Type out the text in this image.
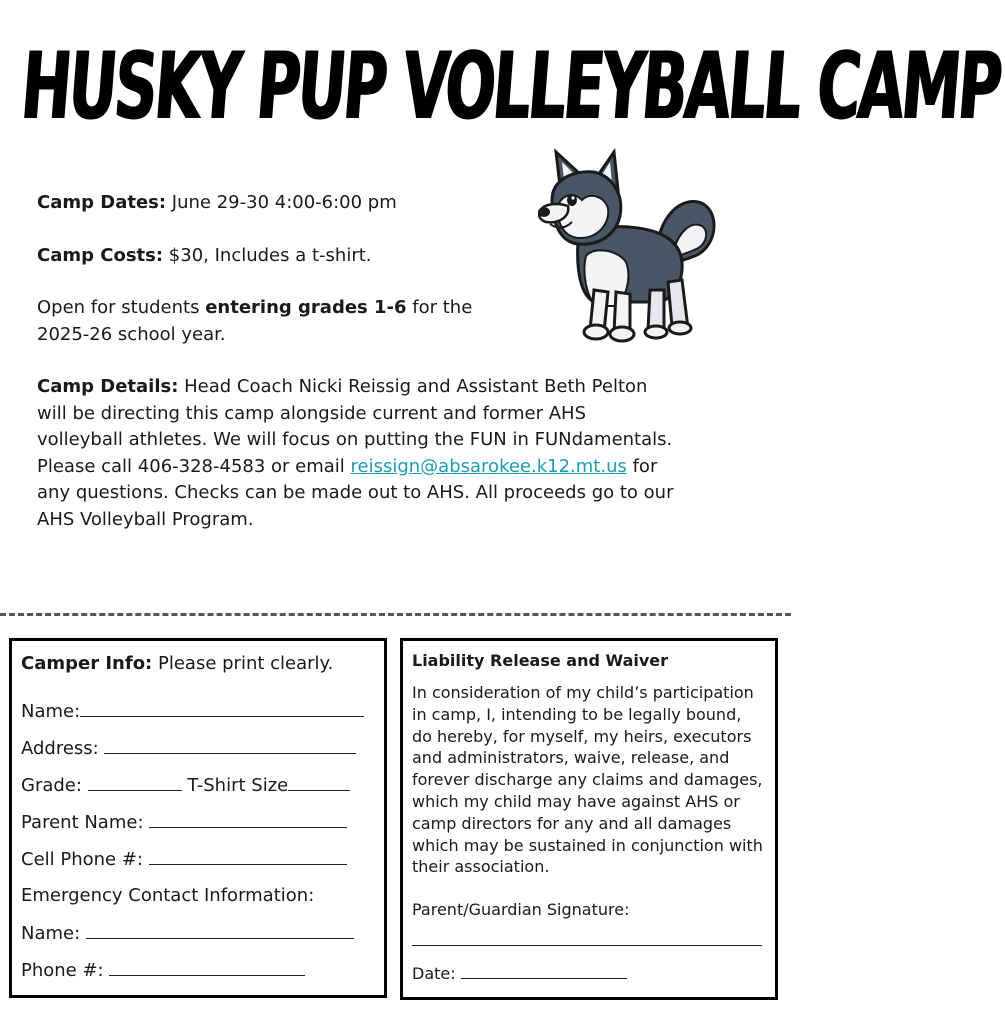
HUSKY PUP VOLLEYBALL CAMP

Camp Dates: June 29-30 4:00-6:00 pm

Camp Costs: $30, Includes a t-shirt.

Open for students entering grades 1-6 for the 2025-26 school year.

Camp Details: Head Coach Nicki Reissig and Assistant Beth Pelton will be directing this camp alongside current and former AHS volleyball athletes. We will focus on putting the FUN in FUNdamentals. Please call 406-328-4583 or email reissign@absarokee.k12.mt.us for any questions. Checks can be made out to AHS. All proceeds go to our AHS Volleyball Program.

Camper Info: Please print clearly.
Name:
Address:
Grade:	T-Shirt Size
Parent Name:
Cell Phone #:
Emergency Contact Information:
Name:
Phone #:
Liability Release and Waiver
In consideration of my child’s participation in camp, I, intending to be legally bound, do hereby, for myself, my heirs, executors and administrators, waive, release, and forever discharge any claims and damages, which my child may have against AHS or camp directors for any and all damages which may be sustained in conjunction with their association.
Parent/Guardian Signature:
Date:
